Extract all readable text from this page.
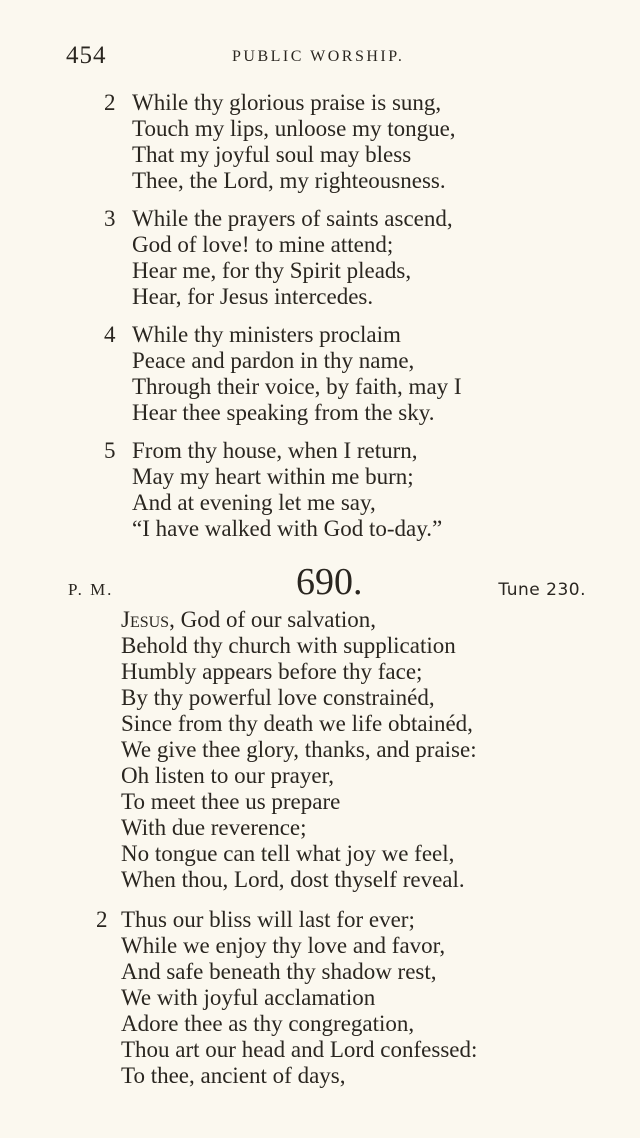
454	PUBLIC WORSHIP.
2 While thy glorious praise is sung,
Touch my lips, unloose my tongue,
That my joyful soul may bless
Thee, the Lord, my righteousness.
3 While the prayers of saints ascend,
God of love! to mine attend;
Hear me, for thy Spirit pleads,
Hear, for Jesus intercedes.
4 While thy ministers proclaim
Peace and pardon in thy name,
Through their voice, by faith, may I
Hear thee speaking from the sky.
5 From thy house, when I return,
May my heart within me burn;
And at evening let me say,
“I have walked with God to-day.”
P. M.	690.	Tune 230.
Jesus, God of our salvation,
Behold thy church with supplication
Humbly appears before thy face;
By thy powerful love constrainéd,
Since from thy death we life obtainéd,
We give thee glory, thanks, and praise:
Oh listen to our prayer,
To meet thee us prepare
With due reverence;
No tongue can tell what joy we feel,
When thou, Lord, dost thyself reveal.
2 Thus our bliss will last for ever;
While we enjoy thy love and favor,
And safe beneath thy shadow rest,
We with joyful acclamation
Adore thee as thy congregation,
Thou art our head and Lord confessed:
To thee, ancient of days,
